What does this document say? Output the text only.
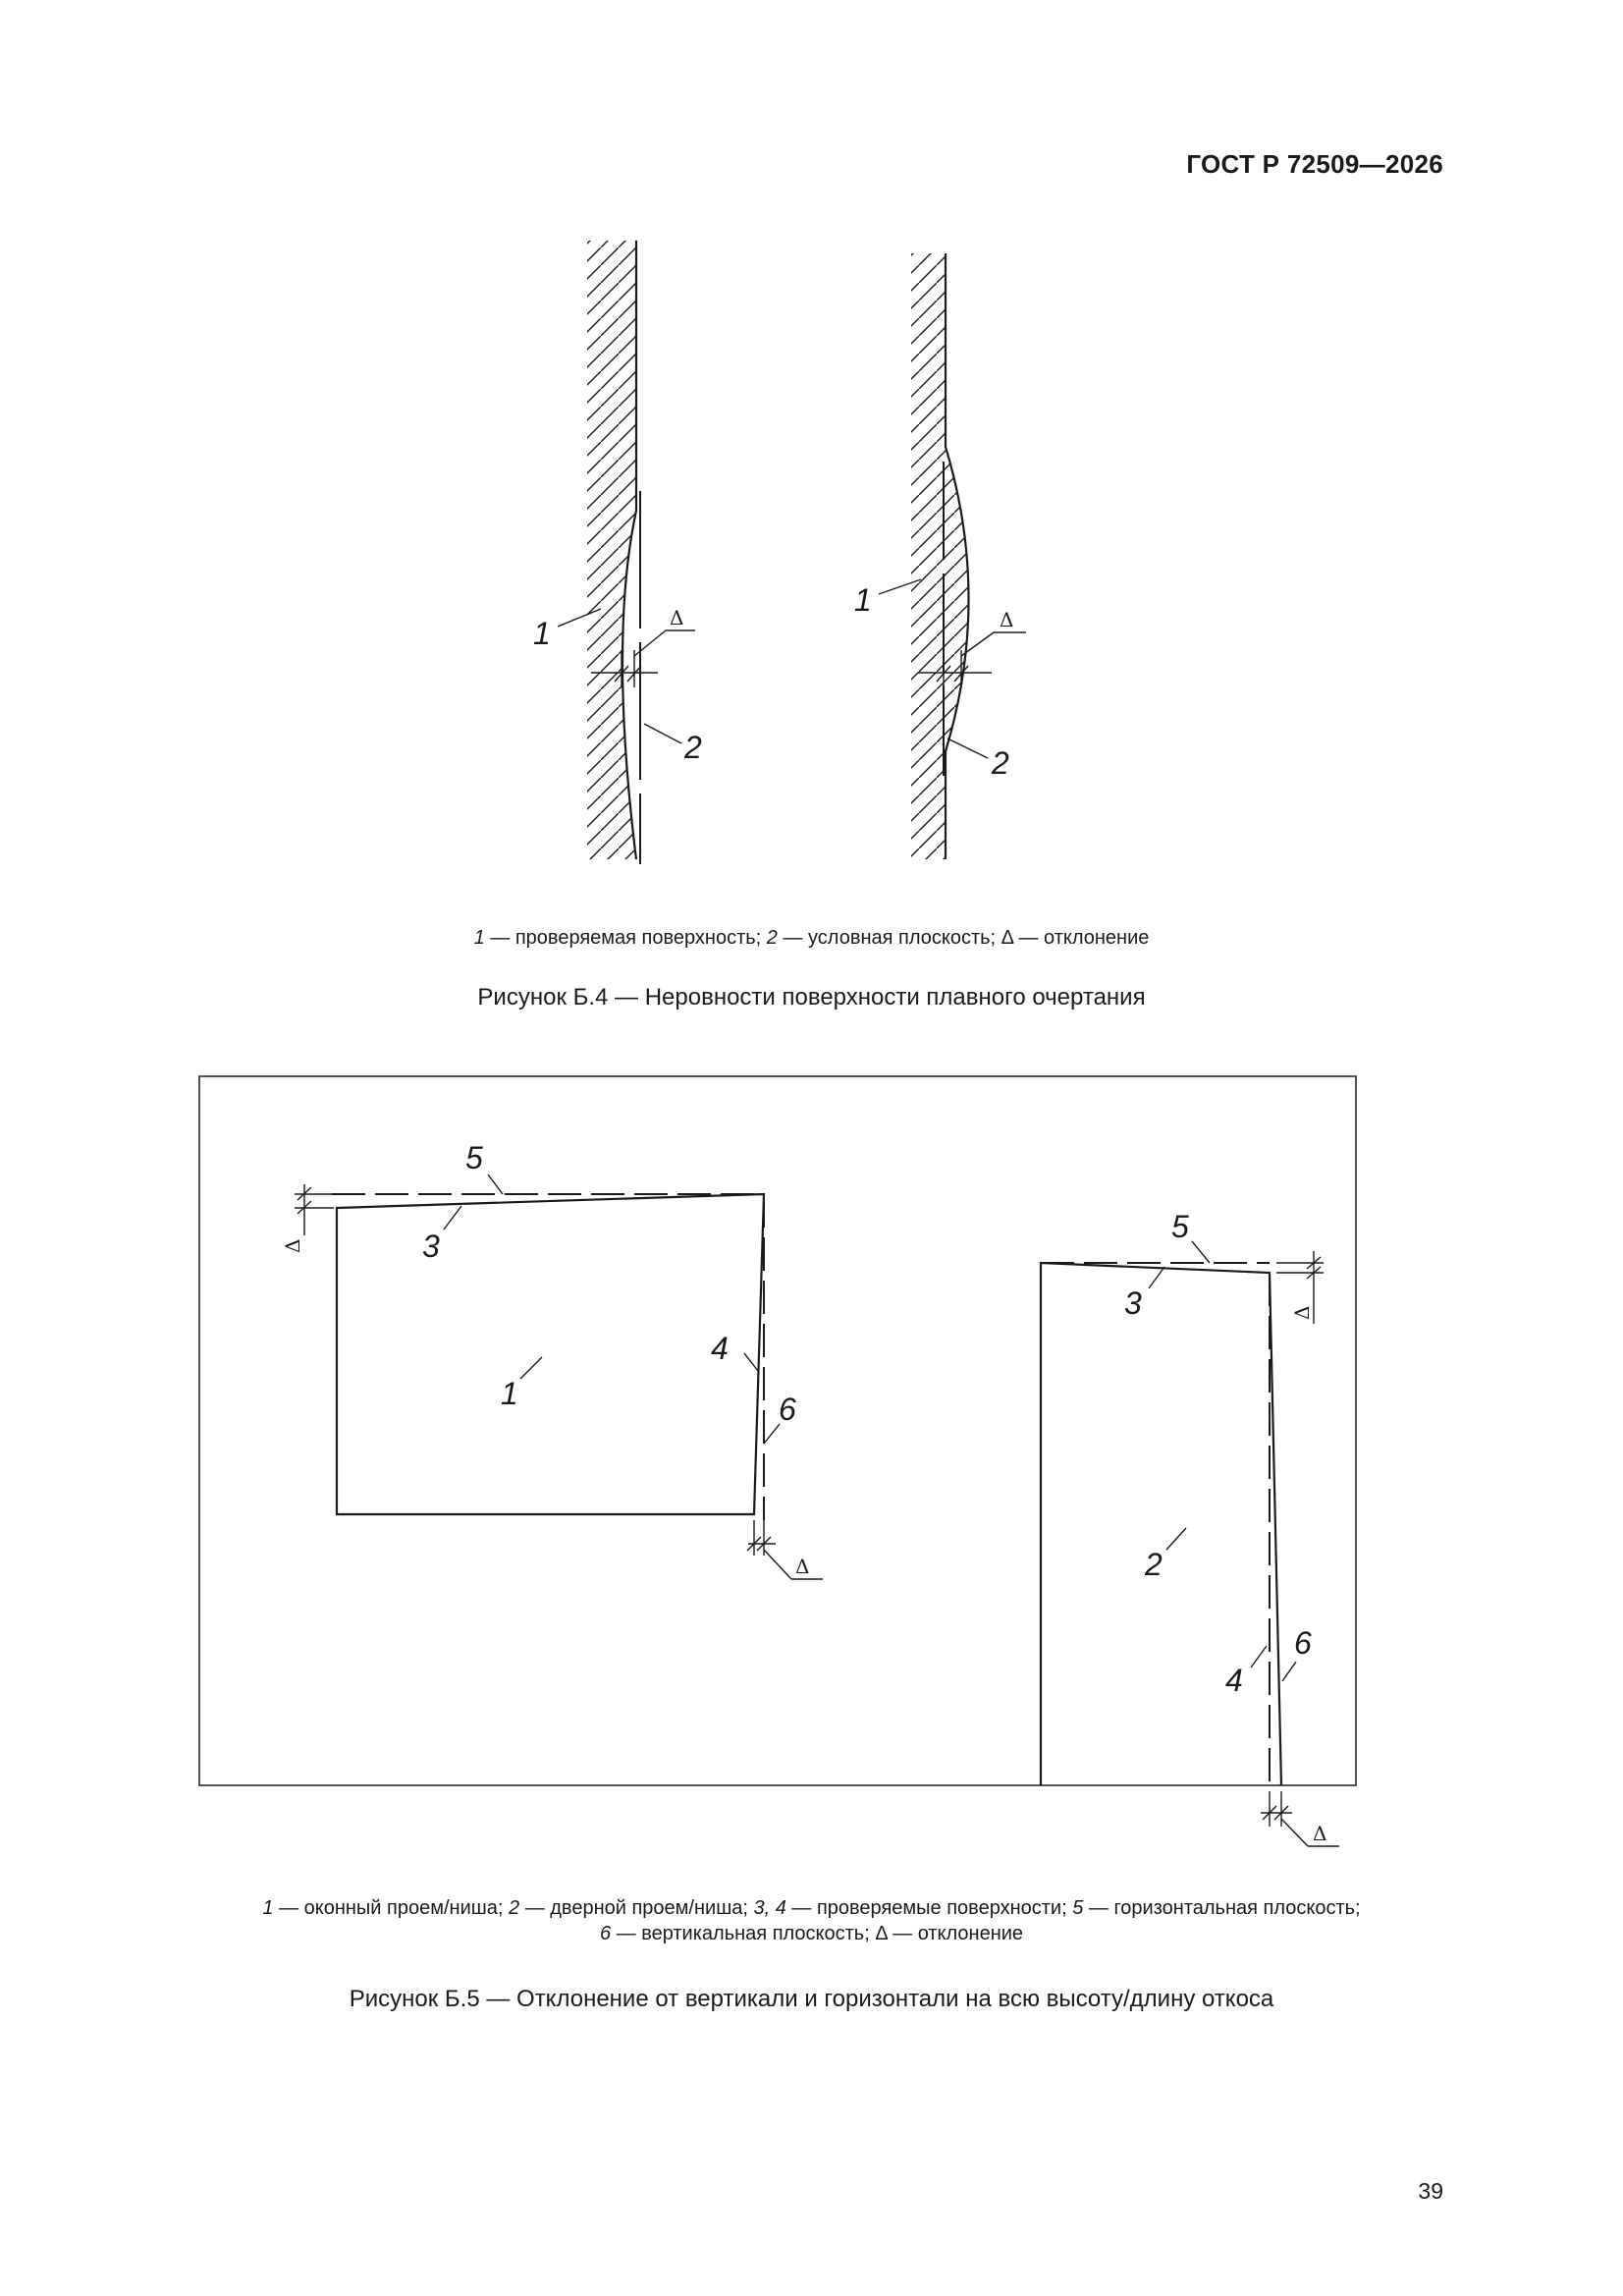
ГОСТ Р 72509—2026
Δ
1
2
Δ
1
2
Δ
Δ
5
3
4
6
1
Δ
Δ
5
3
2
4
6
1 — проверяемая поверхность; 2 — условная плоскость; Δ — отклонение
Рисунок Б.4 — Неровности поверхности плавного очертания
1 — оконный проем/ниша; 2 — дверной проем/ниша; 3, 4 — проверяемые поверхности; 5 — горизонтальная плоскость;
6 — вертикальная плоскость; Δ — отклонение
Рисунок Б.5 — Отклонение от вертикали и горизонтали на всю высоту/длину откоса
39
